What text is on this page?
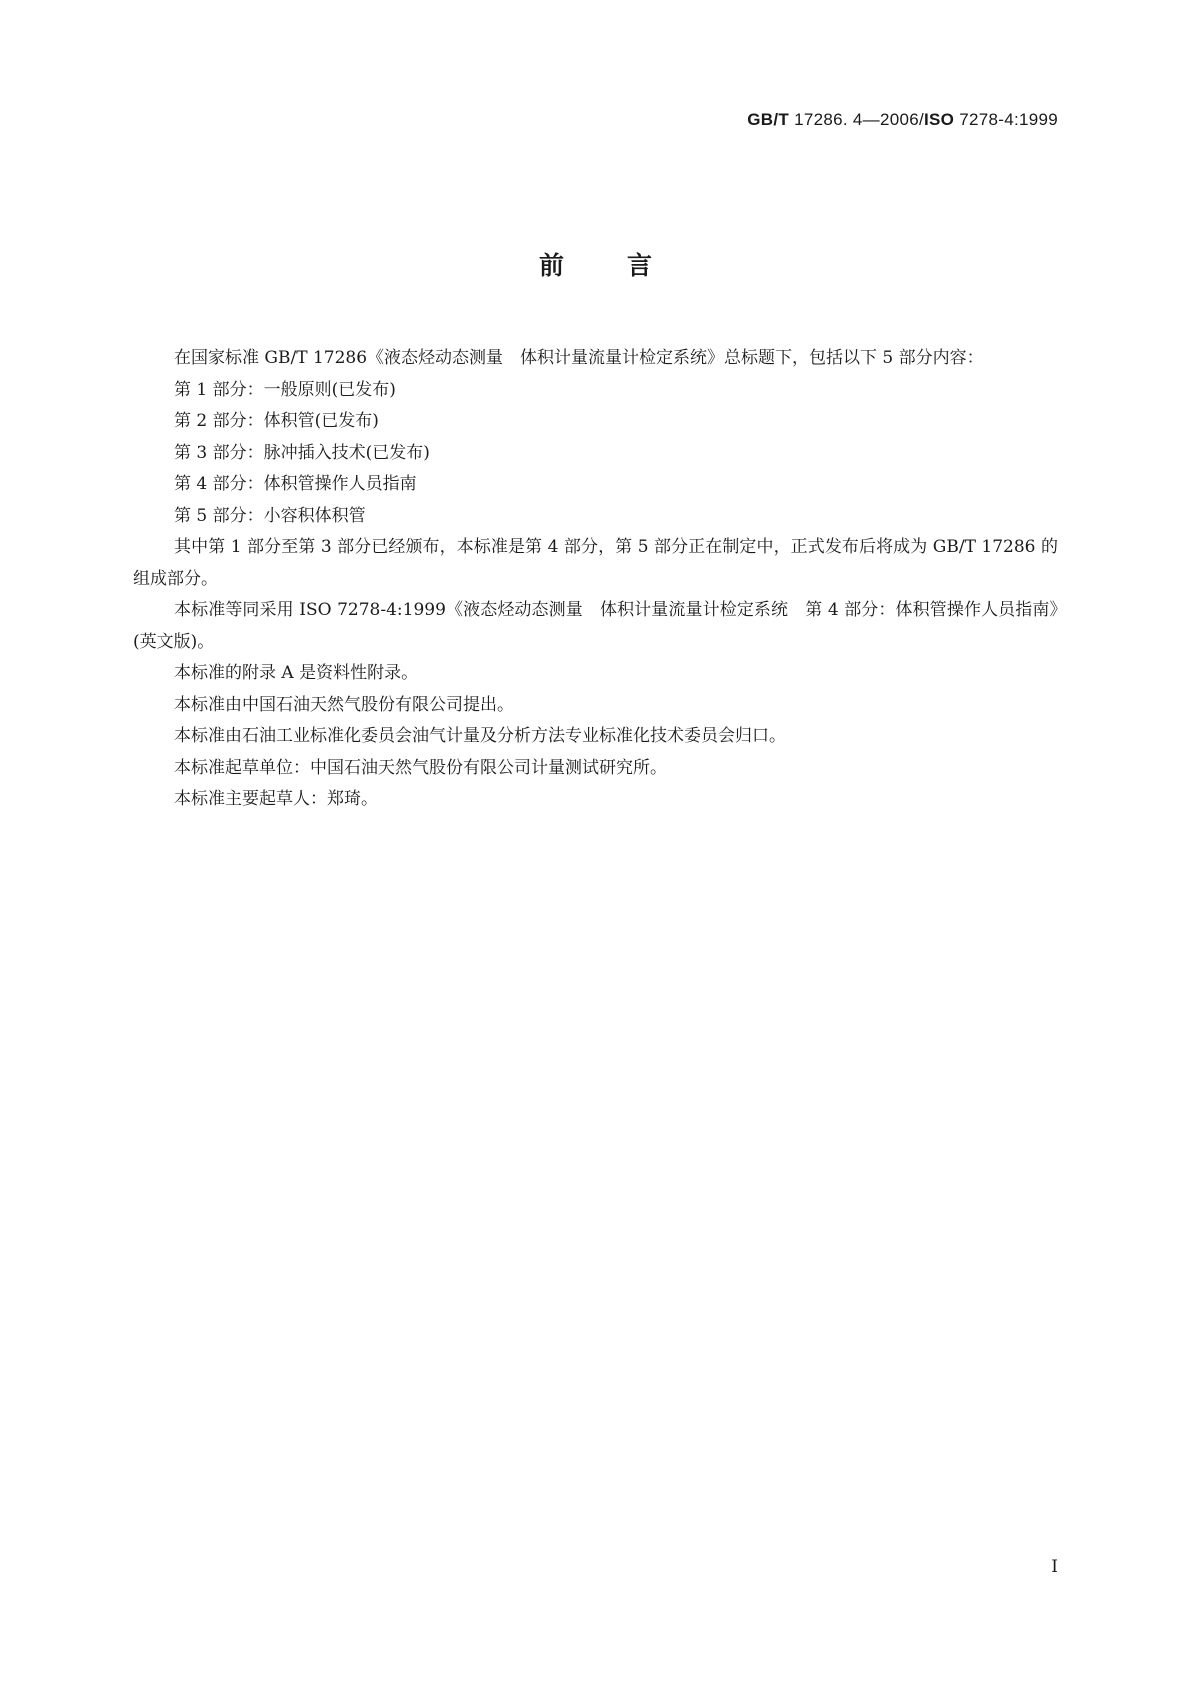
GB/T 17286. 4—2006/ISO 7278-4:1999
前言

在国家标准 GB/T 17286《液态烃动态测量　体积计量流量计检定系统》总标题下，包括以下 5 部分内容：

第 1 部分：一般原则(已发布)

第 2 部分：体积管(已发布)

第 3 部分：脉冲插入技术(已发布)

第 4 部分：体积管操作人员指南

第 5 部分：小容积体积管

其中第 1 部分至第 3 部分已经颁布，本标准是第 4 部分，第 5 部分正在制定中，正式发布后将成为 GB/T 17286 的组成部分。

本标准等同采用 ISO 7278-4:1999《液态烃动态测量　体积计量流量计检定系统　第 4 部分：体积管操作人员指南》(英文版)。

本标准的附录 A 是资料性附录。

本标准由中国石油天然气股份有限公司提出。

本标准由石油工业标准化委员会油气计量及分析方法专业标准化技术委员会归口。

本标准起草单位：中国石油天然气股份有限公司计量测试研究所。

本标准主要起草人：郑琦。

I
